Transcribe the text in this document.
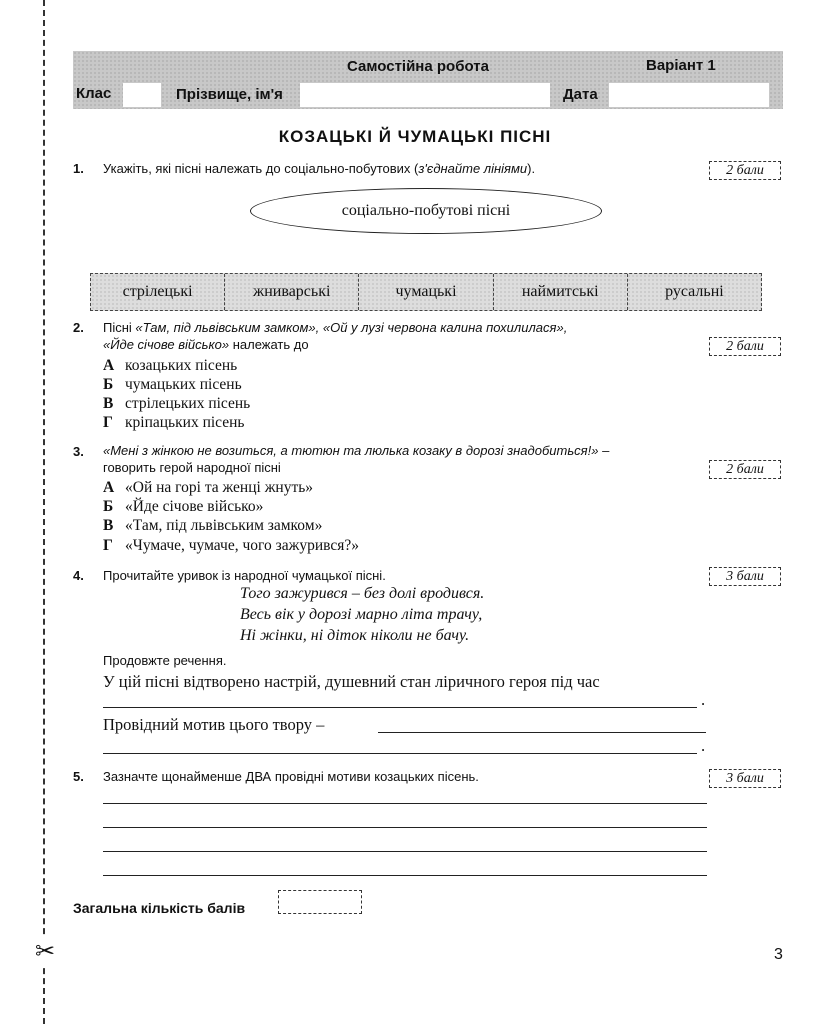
✂
Самостійна робота	Варіант 1
Клас	Прізвище, ім'я	Дата
КОЗАЦЬКІ Й ЧУМАЦЬКІ ПІСНІ
1. Укажіть, які пісні належать до соціально-побутових (з'єднайте лініями).	2 бали
соціально-побутові пісні
стрілецькі	жниварські	чумацькі	наймитські	русальні
2. Пісні «Там, під львівським замком», «Ой у лузі червона калина похилилася»,
«Йде січове військо» належать до	2 бали
А козацьких пісень
Б чумацьких пісень
В стрілецьких пісень
Г кріпацьких пісень
3. «Мені з жінкою не возиться, а тютюн та люлька козаку в дорозі знадобиться!» –
говорить герой народної пісні	2 бали
А «Ой на горі та женці жнуть»
Б «Йде січове військо»
В «Там, під львівським замком»
Г «Чумаче, чумаче, чого зажурився?»
4. Прочитайте уривок із народної чумацької пісні.	3 бали
Того зажурився – без долі вродився.
Весь вік у дорозі марно літа трачу,
Ні жінки, ні діток ніколи не бачу.
Продовжте речення.
У цій пісні відтворено настрій, душевний стан ліричного героя під час
.
Провідний мотив цього твору –
.
5. Зазначте щонайменше ДВА провідні мотиви козацьких пісень.	3 бали
Загальна кількість балів
3
